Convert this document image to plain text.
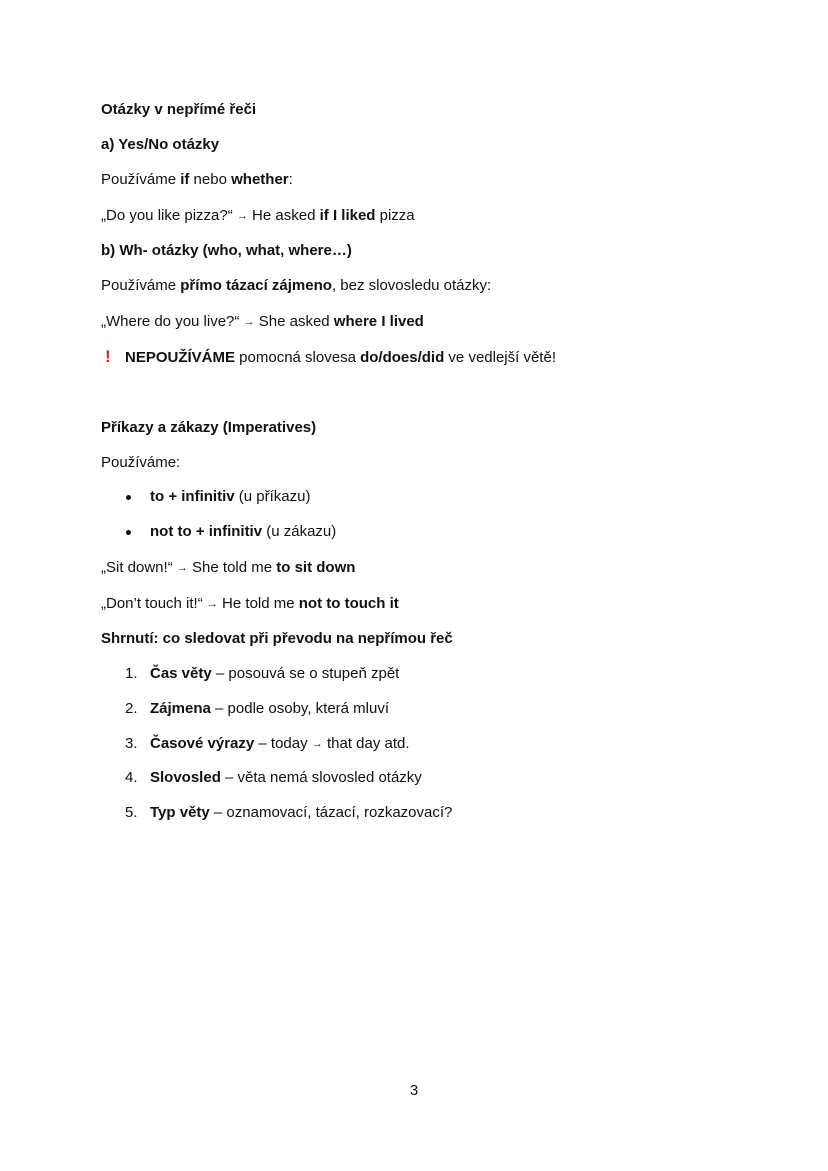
Otázky v nepřímé řeči
a) Yes/No otázky
Používáme if nebo whether:
„Do you like pizza?“ → He asked if I liked pizza
b) Wh- otázky (who, what, where…)
Používáme přímo tázací zájmeno, bez slovosledu otázky:
„Where do you live?“ → She asked where I lived
! NEPOUŽÍVÁME pomocná slovesa do/does/did ve vedlejší větě!
Příkazy a zákazy (Imperatives)
Používáme:
to + infinitiv (u příkazu)
not to + infinitiv (u zákazu)
„Sit down!“ → She told me to sit down
„Don’t touch it!“ → He told me not to touch it
Shrnutí: co sledovat při převodu na nepřímou řeč
1. Čas věty – posouvá se o stupeň zpět
2. Zájmena – podle osoby, která mluví
3. Časové výrazy – today → that day atd.
4. Slovosled – věta nemá slovosled otázky
5. Typ věty – oznamovací, tázací, rozkazovací?
3
